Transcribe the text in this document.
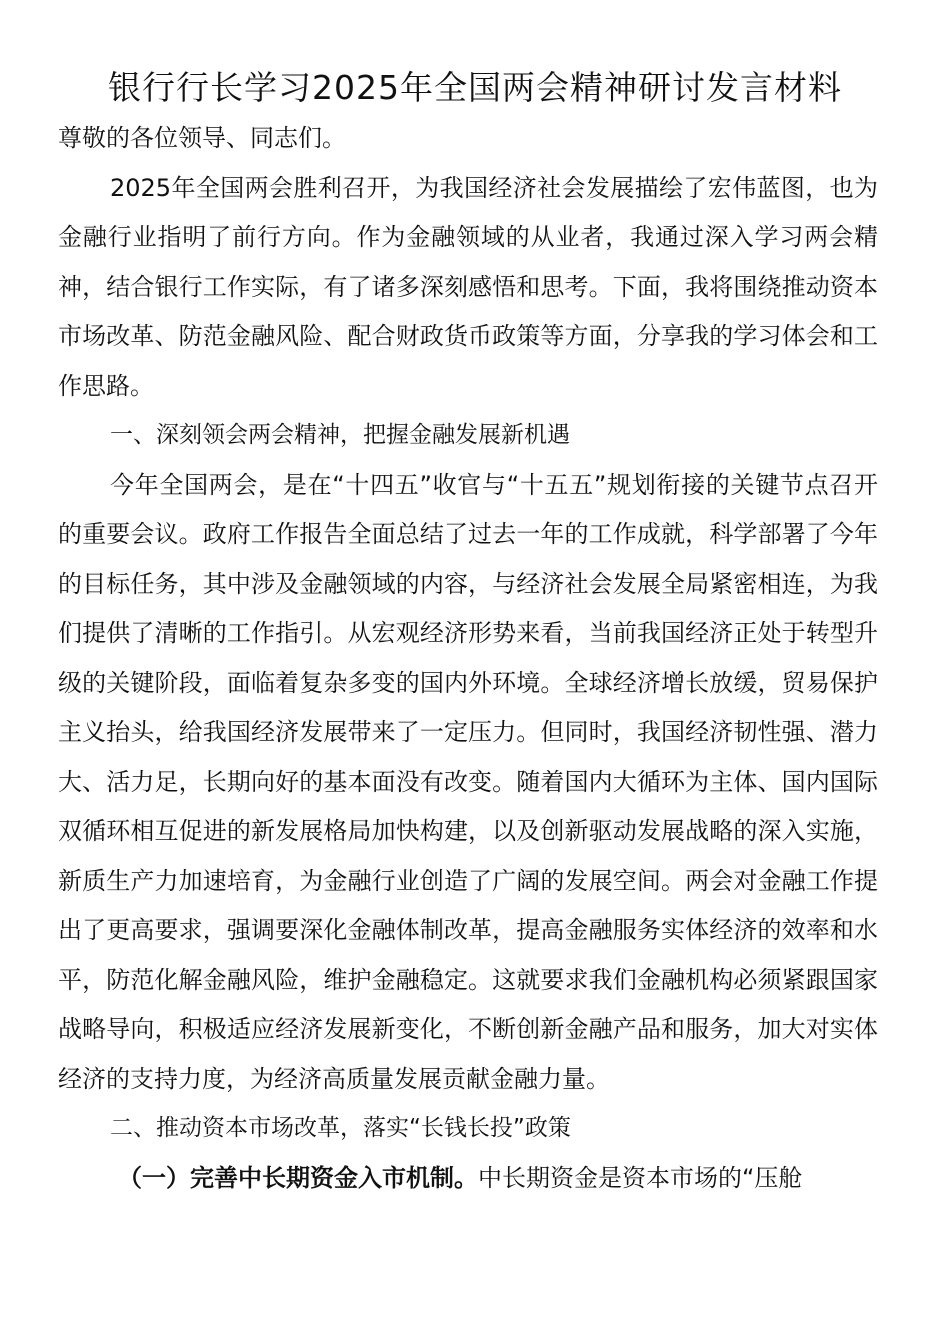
银行行长学习2025年全国两会精神研讨发言材料

尊敬的各位领导、同志们。

2025年全国两会胜利召开，为我国经济社会发展描绘了宏伟蓝图，也为金融行业指明了前行方向。作为金融领域的从业者，我通过深入学习两会精神，结合银行工作实际，有了诸多深刻感悟和思考。下面，我将围绕推动资本市场改革、防范金融风险、配合财政货币政策等方面，分享我的学习体会和工作思路。

一、深刻领会两会精神，把握金融发展新机遇

今年全国两会，是在“十四五”收官与“十五五”规划衔接的关键节点召开的重要会议。政府工作报告全面总结了过去一年的工作成就，科学部署了今年的目标任务，其中涉及金融领域的内容，与经济社会发展全局紧密相连，为我们提供了清晰的工作指引。从宏观经济形势来看，当前我国经济正处于转型升级的关键阶段，面临着复杂多变的国内外环境。全球经济增长放缓，贸易保护主义抬头，给我国经济发展带来了一定压力。但同时，我国经济韧性强、潜力大、活力足，长期向好的基本面没有改变。随着国内大循环为主体、国内国际双循环相互促进的新发展格局加快构建，以及创新驱动发展战略的深入实施，新质生产力加速培育，为金融行业创造了广阔的发展空间。两会对金融工作提出了更高要求，强调要深化金融体制改革，提高金融服务实体经济的效率和水平，防范化解金融风险，维护金融稳定。这就要求我们金融机构必须紧跟国家战略导向，积极适应经济发展新变化，不断创新金融产品和服务，加大对实体经济的支持力度，为经济高质量发展贡献金融力量。

二、推动资本市场改革，落实“长钱长投”政策

（一）完善中长期资金入市机制。中长期资金是资本市场的“压舱
